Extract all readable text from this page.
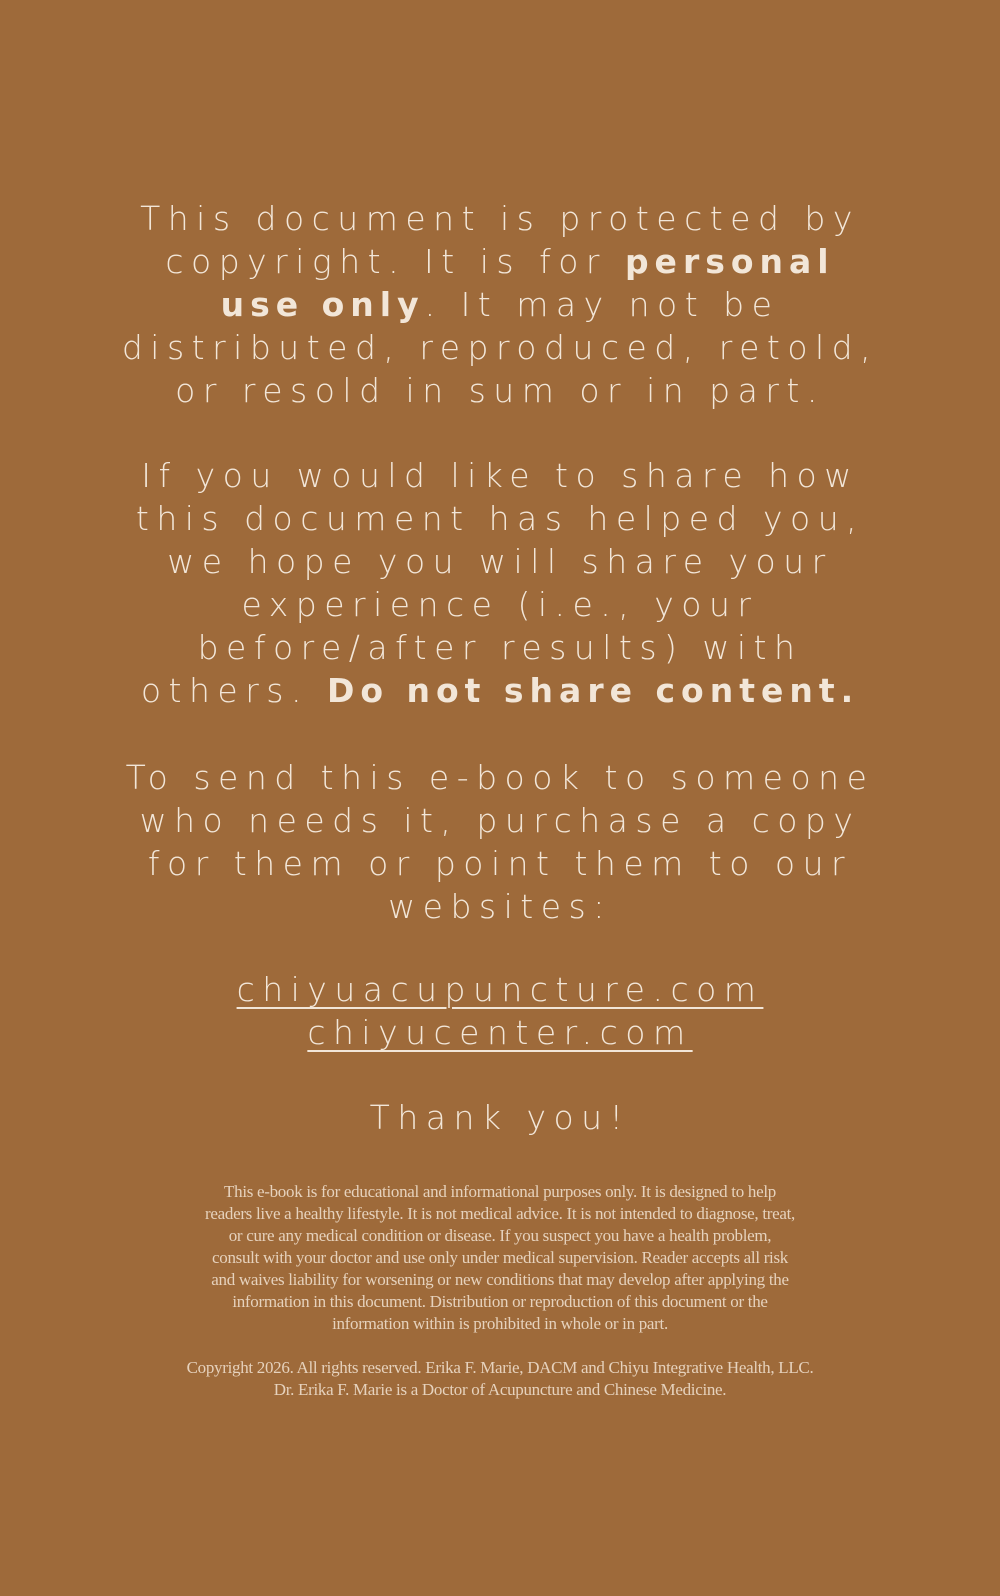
This document is protected by
copyright. It is for personal
use only. It may not be
distributed, reproduced, retold,
or resold in sum or in part.
If you would like to share how
this document has helped you,
we hope you will share your
experience (i.e., your
before/after results) with
others. Do not share content.
To send this e-book to someone
who needs it, purchase a copy
for them or point them to our
websites:
chiyuacupuncture.com
chiyucenter.com
Thank you!
This e-book is for educational and informational purposes only. It is designed to help
readers live a healthy lifestyle. It is not medical advice. It is not intended to diagnose, treat,
or cure any medical condition or disease. If you suspect you have a health problem,
consult with your doctor and use only under medical supervision. Reader accepts all risk
and waives liability for worsening or new conditions that may develop after applying the
information in this document. Distribution or reproduction of this document or the
information within is prohibited in whole or in part.
Copyright 2026. All rights reserved. Erika F. Marie, DACM and Chiyu Integrative Health, LLC.
Dr. Erika F. Marie is a Doctor of Acupuncture and Chinese Medicine.
